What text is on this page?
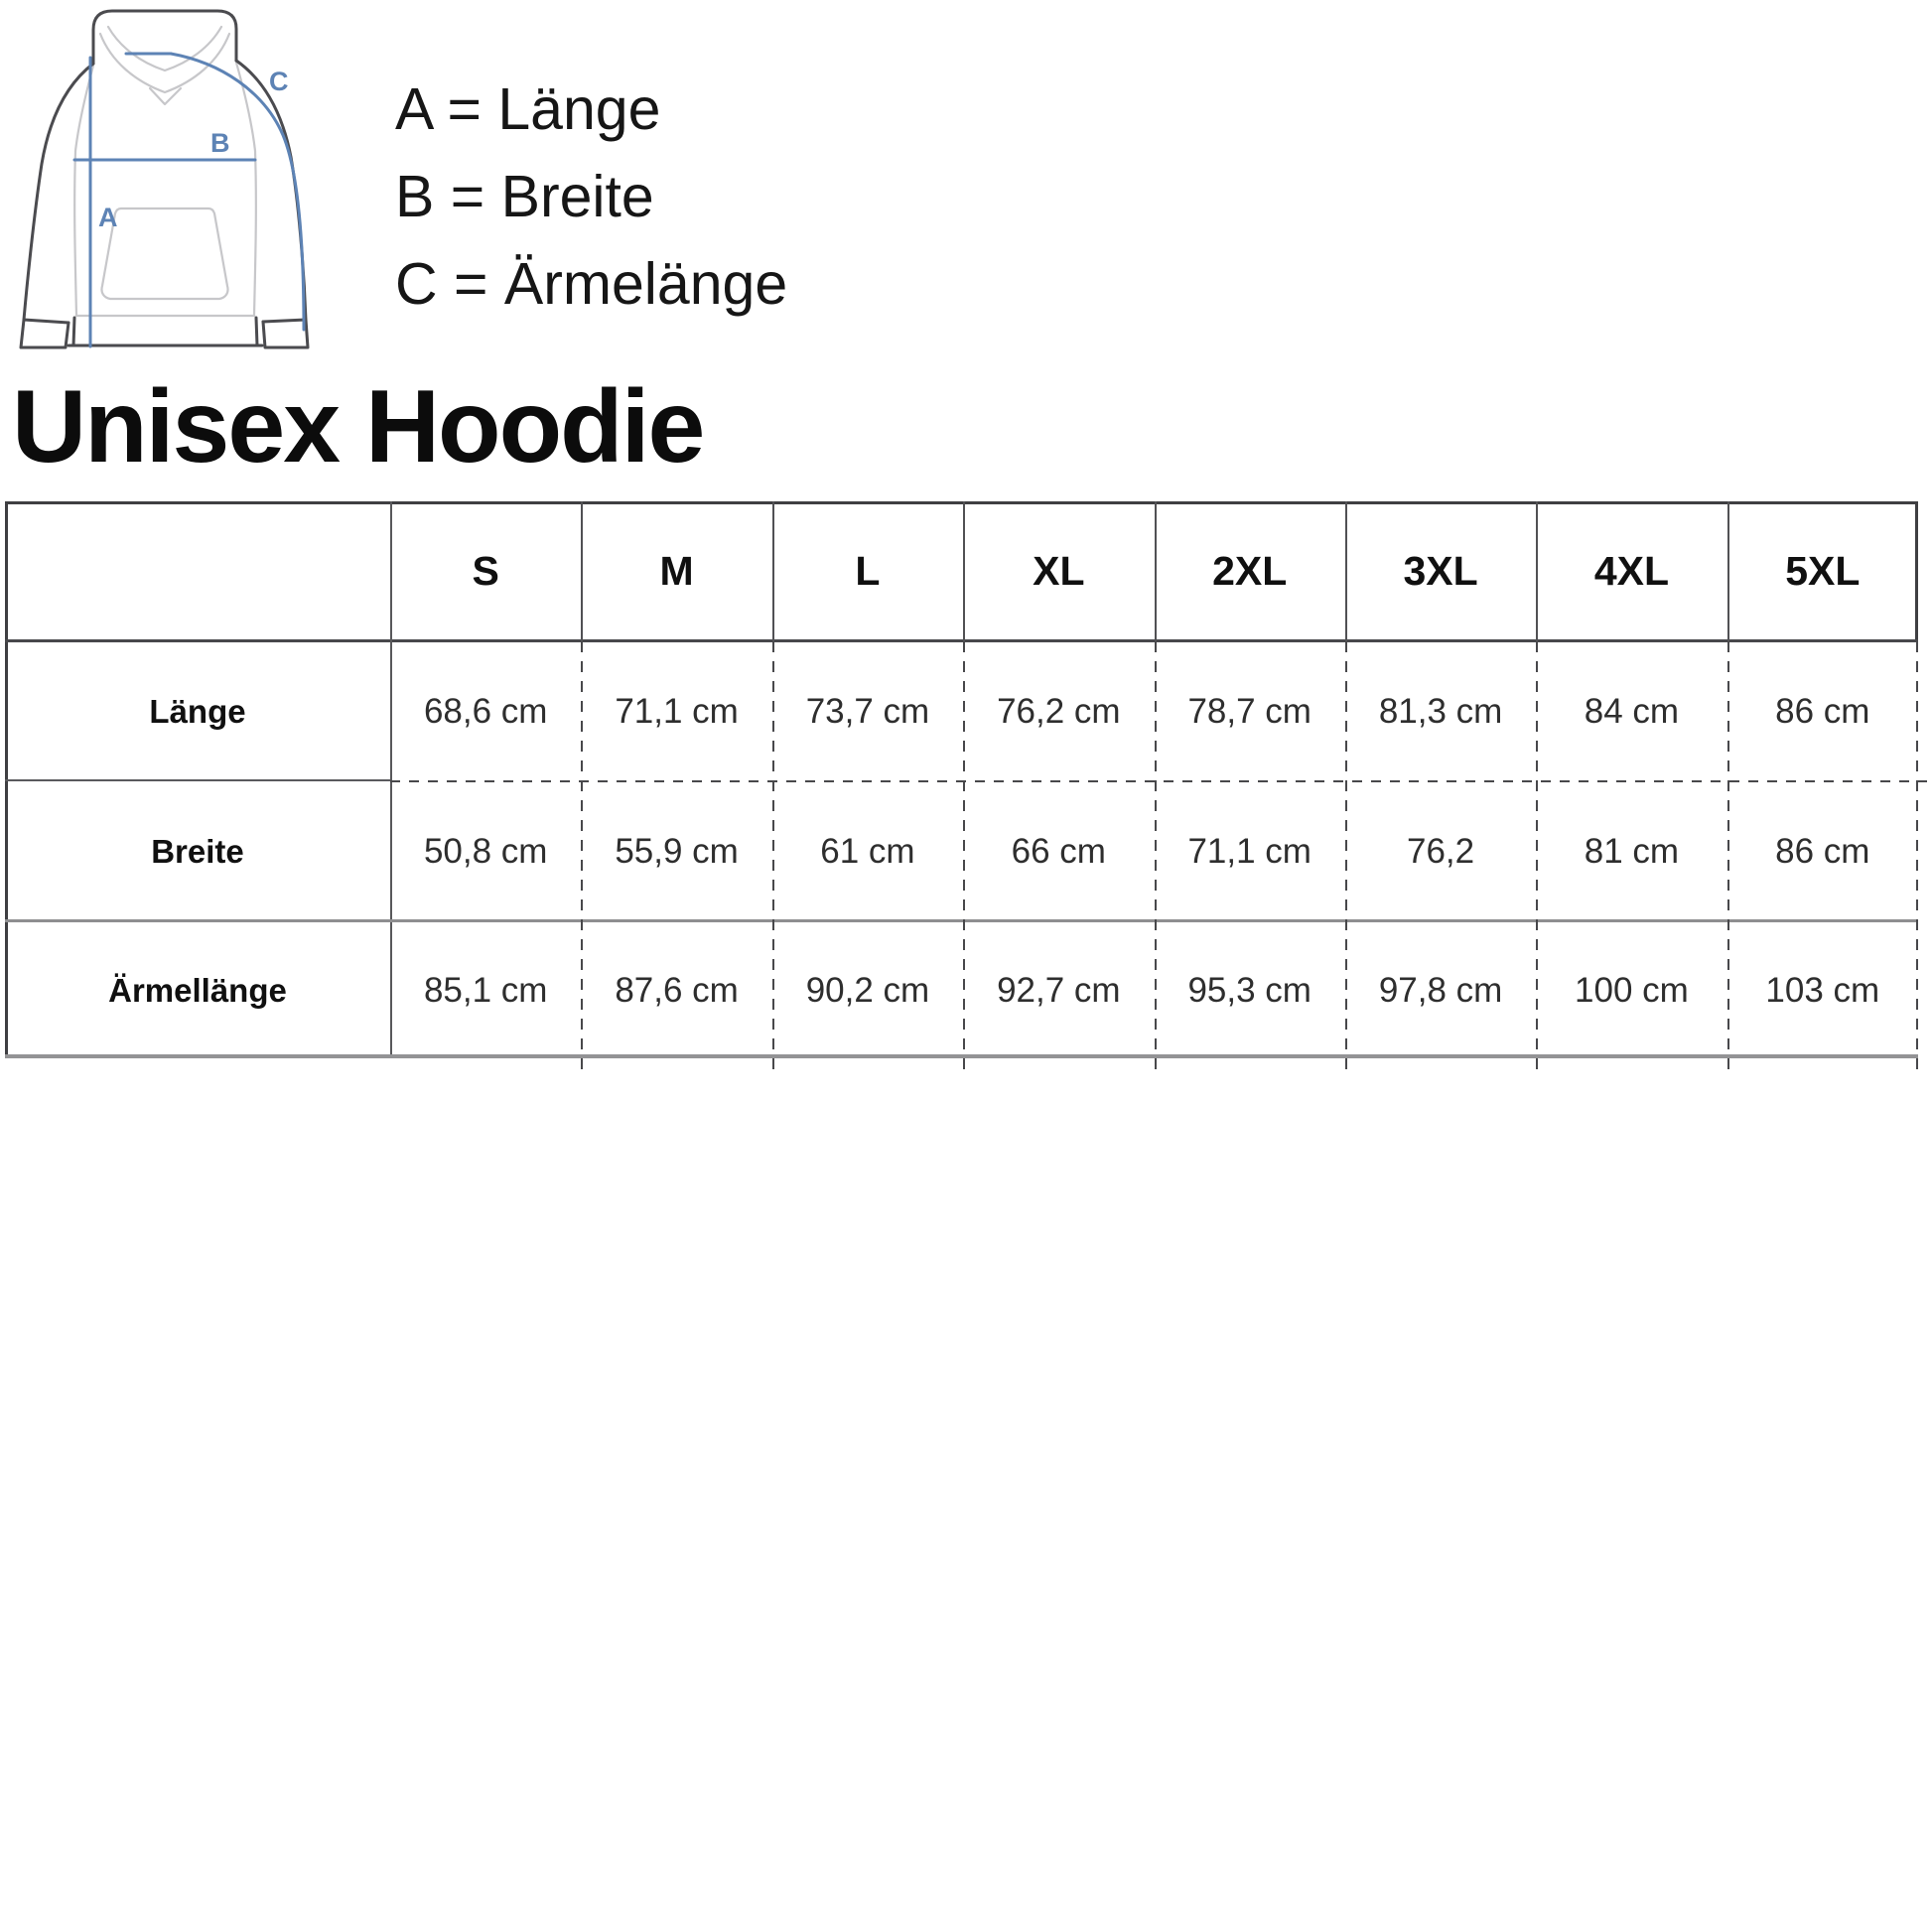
A
B
C A = Länge
B = Breite
C = Ärmelänge
Unisex Hoodie
S	M	L	XL	2XL	3XL	4XL	5XL
Länge	68,6 cm	71,1 cm	73,7 cm	76,2 cm	78,7 cm	81,3 cm	84 cm	86 cm
Breite	50,8 cm	55,9 cm	61 cm	66 cm	71,1 cm	76,2	81 cm	86 cm
Ärmellänge	85,1 cm	87,6 cm	90,2 cm	92,7 cm	95,3 cm	97,8 cm	100 cm	103 cm
